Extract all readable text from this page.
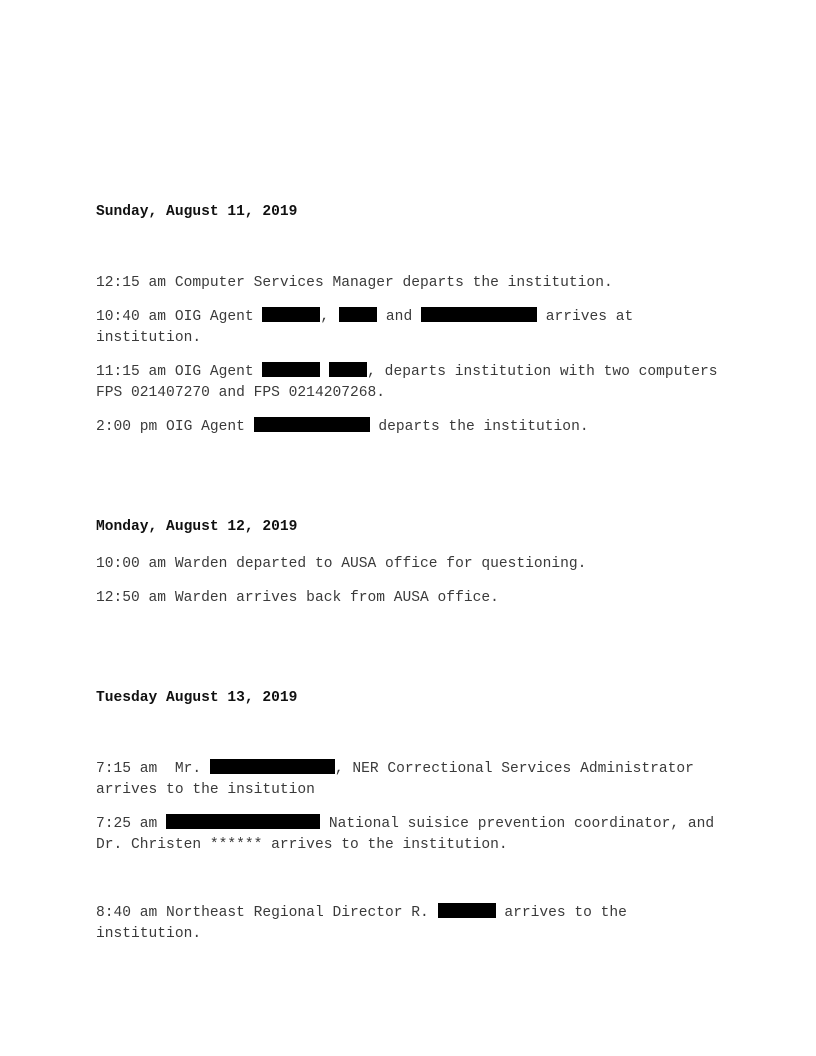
Sunday, August 11, 2019

12:15 am Computer Services Manager departs the institution.

10:40 am OIG Agent	,	and	arrives at institution.

11:15 am OIG Agent	, departs institution with two computers FPS 021407270 and FPS 0214207268.

2:00 pm OIG Agent	departs the institution.

Monday, August 12, 2019

10:00 am Warden departed to AUSA office for questioning.

12:50 am Warden arrives back from AUSA office.

Tuesday August 13, 2019

7:15 am  Mr.	, NER Correctional Services Administrator arrives to the insitution

7:25 am	National suisice prevention coordinator, and Dr. Christen ****** arrives to the institution.

8:40 am Northeast Regional Director R.	arrives to the institution.
